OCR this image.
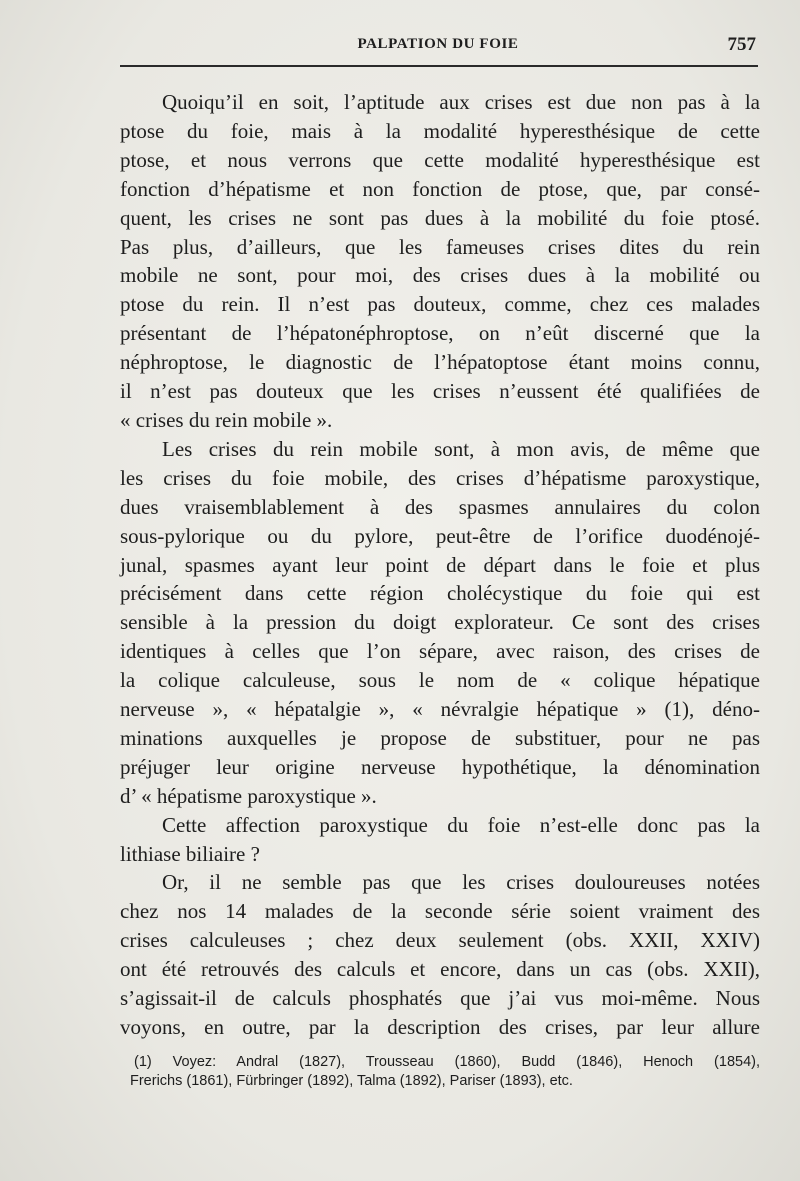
PALPATION DU FOIE	757
Quoiqu’il en soit, l’aptitude aux crises est due non pas à la
ptose du foie, mais à la modalité hyperesthésique de cette
ptose, et nous verrons que cette modalité hyperesthésique est
fonction d’hépatisme et non fonction de ptose, que, par consé-
quent, les crises ne sont pas dues à la mobilité du foie ptosé.
Pas plus, d’ailleurs, que les fameuses crises dites du rein
mobile ne sont, pour moi, des crises dues à la mobilité ou
ptose du rein. Il n’est pas douteux, comme, chez ces malades
présentant de l’hépatonéphroptose, on n’eût discerné que la
néphroptose, le diagnostic de l’hépatoptose étant moins connu,
il n’est pas douteux que les crises n’eussent été qualifiées de
« crises du rein mobile ».
Les crises du rein mobile sont, à mon avis, de même que
les crises du foie mobile, des crises d’hépatisme paroxystique,
dues vraisemblablement à des spasmes annulaires du colon
sous-pylorique ou du pylore, peut-être de l’orifice duodénojé-
junal, spasmes ayant leur point de départ dans le foie et plus
précisément dans cette région cholécystique du foie qui est
sensible à la pression du doigt explorateur. Ce sont des crises
identiques à celles que l’on sépare, avec raison, des crises de
la colique calculeuse, sous le nom de « colique hépatique
nerveuse », « hépatalgie », « névralgie hépatique » (1), déno-
minations auxquelles je propose de substituer, pour ne pas
préjuger leur origine nerveuse hypothétique, la dénomination
d’ « hépatisme paroxystique ».
Cette affection paroxystique du foie n’est-elle donc pas la
lithiase biliaire ?
Or, il ne semble pas que les crises douloureuses notées
chez nos 14 malades de la seconde série soient vraiment des
crises calculeuses ; chez deux seulement (obs. XXII, XXIV)
ont été retrouvés des calculs et encore, dans un cas (obs. XXII),
s’agissait-il de calculs phosphatés que j’ai vus moi-même. Nous
voyons, en outre, par la description des crises, par leur allure
(1) Voyez: Andral (1827), Trousseau (1860), Budd (1846), Henoch (1854),
Frerichs (1861), Fürbringer (1892), Talma (1892), Pariser (1893), etc.
